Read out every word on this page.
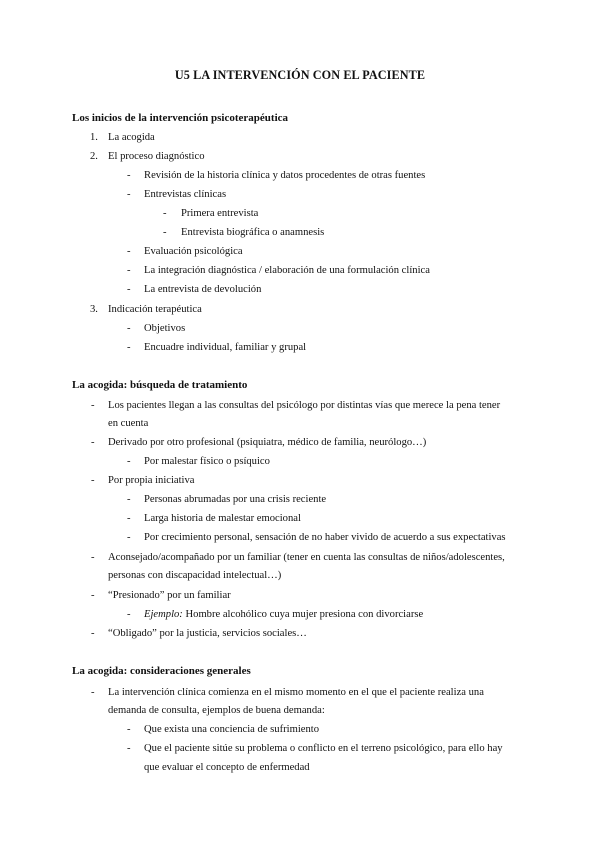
U5 LA INTERVENCIÓN CON EL PACIENTE
Los inicios de la intervención psicoterapéutica
1. La acogida
2. El proceso diagnóstico
- Revisión de la historia clínica y datos procedentes de otras fuentes
- Entrevistas clínicas
- Primera entrevista
- Entrevista biográfica o anamnesis
- Evaluación psicológica
- La integración diagnóstica / elaboración de una formulación clínica
- La entrevista de devolución
3. Indicación terapéutica
- Objetivos
- Encuadre individual, familiar y grupal
La acogida: búsqueda de tratamiento
- Los pacientes llegan a las consultas del psicólogo por distintas vías que merece la pena tener
en cuenta
- Derivado por otro profesional (psiquiatra, médico de familia, neurólogo…)
- Por malestar físico o psíquico
- Por propia iniciativa
- Personas abrumadas por una crisis reciente
- Larga historia de malestar emocional
- Por crecimiento personal, sensación de no haber vivido de acuerdo a sus expectativas
- Aconsejado/acompañado por un familiar (tener en cuenta las consultas de niños/adolescentes,
personas con discapacidad intelectual…)
- “Presionado” por un familiar
- Ejemplo: Hombre alcohólico cuya mujer presiona con divorciarse
- “Obligado” por la justicia, servicios sociales…
La acogida: consideraciones generales
- La intervención clínica comienza en el mismo momento en el que el paciente realiza una
demanda de consulta, ejemplos de buena demanda:
- Que exista una conciencia de sufrimiento
- Que el paciente sitúe su problema o conflicto en el terreno psicológico, para ello hay
que evaluar el concepto de enfermedad
